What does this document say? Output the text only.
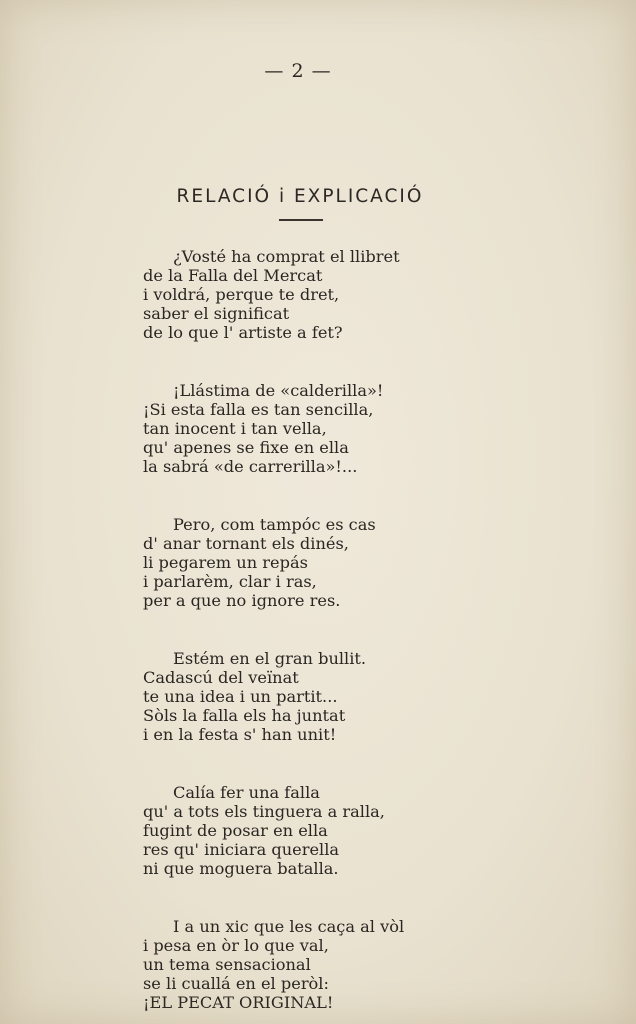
— 2 —
RELACIÓ i EXPLICACIÓ
¿Vosté ha comprat el llibret
de la Falla del Mercat
i voldrá, perque te dret,
saber el significat
de lo que l' artiste a fet?
¡Llástima de «calderilla»!
¡Si esta falla es tan sencilla,
tan inocent i tan vella,
qu' apenes se fixe en ella
la sabrá «de carrerilla»!...
Pero, com tampóc es cas
d' anar tornant els dinés,
li pegarem un repás
i parlarèm, clar i ras,
per a que no ignore res.
Estém en el gran bullit.
Cadascú del veïnat
te una idea i un partit...
Sòls la falla els ha juntat
i en la festa s' han unit!
Calía fer una falla
qu' a tots els tinguera a ralla,
fugint de posar en ella
res qu' iniciara querella
ni que moguera batalla.
I a un xic que les caça al vòl
i pesa en òr lo que val,
un tema sensacional
se li cuallá en el peròl:
¡EL PECAT ORIGINAL!
